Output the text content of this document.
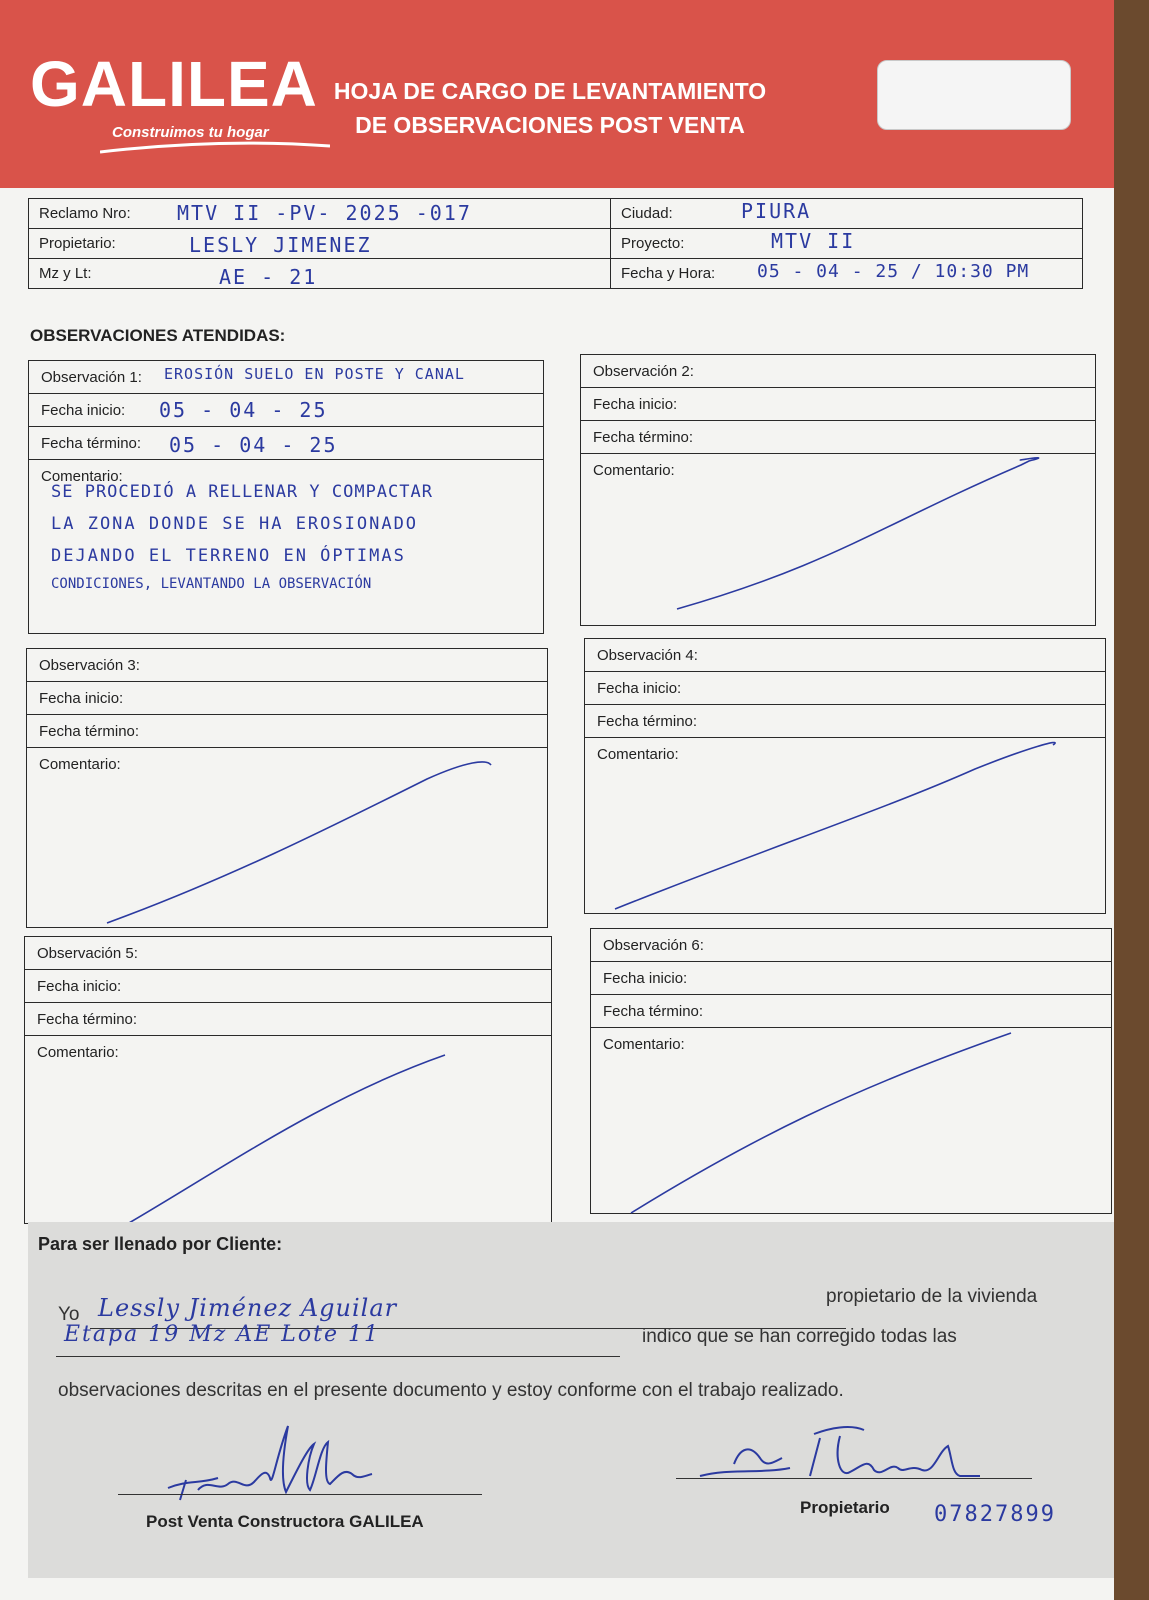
GALILEA
Construimos tu hogar
HOJA DE CARGO DE LEVANTAMIENTO
DE OBSERVACIONES POST VENTA
Reclamo Nro: MTV II -PV- 2025 -017	Ciudad: PIURA

Propietario: LESLY JIMENEZ	Proyecto: MTV II

Mz y Lt: AE - 21	Fecha y Hora: 05 - 04 - 25 / 10:30 PM
OBSERVACIONES ATENDIDAS:
Observación 1: EROSIÓN SUELO EN POSTE Y CANAL
Fecha inicio: 05 - 04 - 25
Fecha término: 05 - 04 - 25
Comentario:
SE PROCEDIÓ A RELLENAR Y COMPACTAR
LA ZONA DONDE SE HA EROSIONADO
DEJANDO EL TERRENO EN ÓPTIMAS
CONDICIONES, LEVANTANDO LA OBSERVACIÓN
Observación 2:
Fecha inicio:
Fecha término:
Comentario:
Observación 3:
Fecha inicio:
Fecha término:
Comentario:
Observación 4:
Fecha inicio:
Fecha término:
Comentario:
Observación 5:
Fecha inicio:
Fecha término:
Comentario:
Observación 6:
Fecha inicio:
Fecha término:
Comentario:
Para ser llenado por Cliente:
Yo Lessly Jiménez Aguilar	propietario de la vivienda
Etapa 19 Mz AE Lote 11	indico que se han corregido todas las
observaciones descritas en el presente documento y estoy conforme con el trabajo realizado.
Post Venta Constructora GALILEA
Propietario 07827899
